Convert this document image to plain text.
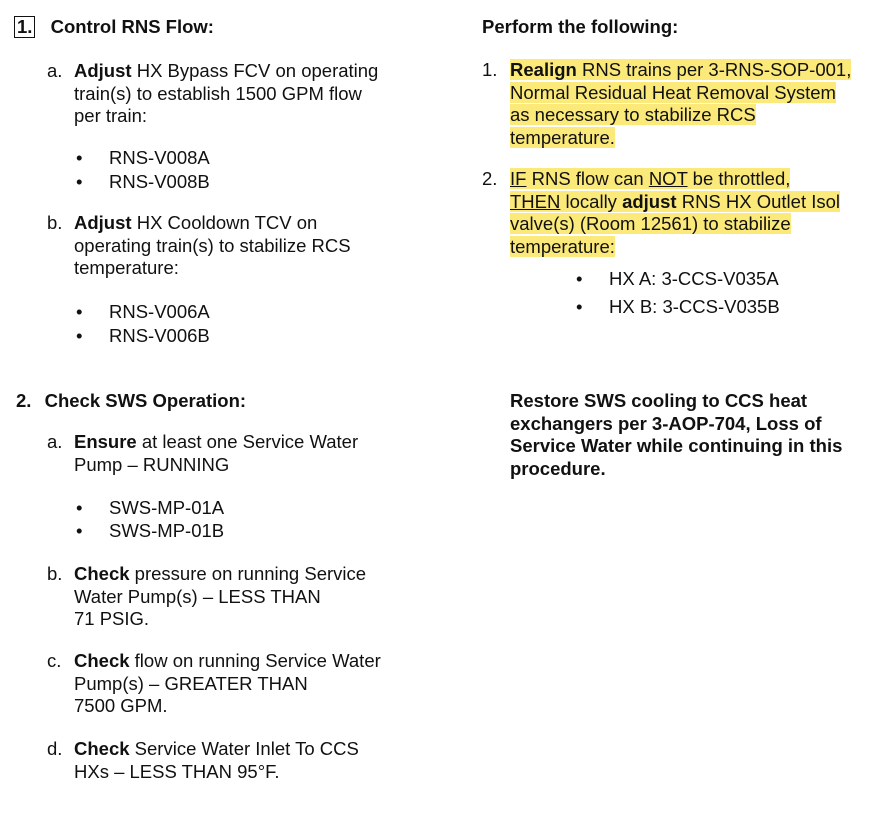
1. Control RNS Flow:
a. Adjust HX Bypass FCV on operating
train(s) to establish 1500 GPM flow
per train:
• RNS-V008A
• RNS-V008B
b. Adjust HX Cooldown TCV on
operating train(s) to stabilize RCS
temperature:
• RNS-V006A
• RNS-V006B
Perform the following:
1. Realign RNS trains per 3-RNS-SOP-001,
Normal Residual Heat Removal System
as necessary to stabilize RCS
temperature.
2. IF RNS flow can NOT be throttled,
THEN locally adjust RNS HX Outlet Isol
valve(s) (Room 12561) to stabilize
temperature:
• HX A: 3-CCS-V035A
• HX B: 3-CCS-V035B
2. Check SWS Operation:
a. Ensure at least one Service Water
Pump – RUNNING
• SWS-MP-01A
• SWS-MP-01B
b. Check pressure on running Service
Water Pump(s) – LESS THAN
71 PSIG.
c. Check flow on running Service Water
Pump(s) – GREATER THAN
7500 GPM.
d. Check Service Water Inlet To CCS
HXs – LESS THAN 95°F.
Restore SWS cooling to CCS heat
exchangers per 3-AOP-704, Loss of
Service Water while continuing in this
procedure.
